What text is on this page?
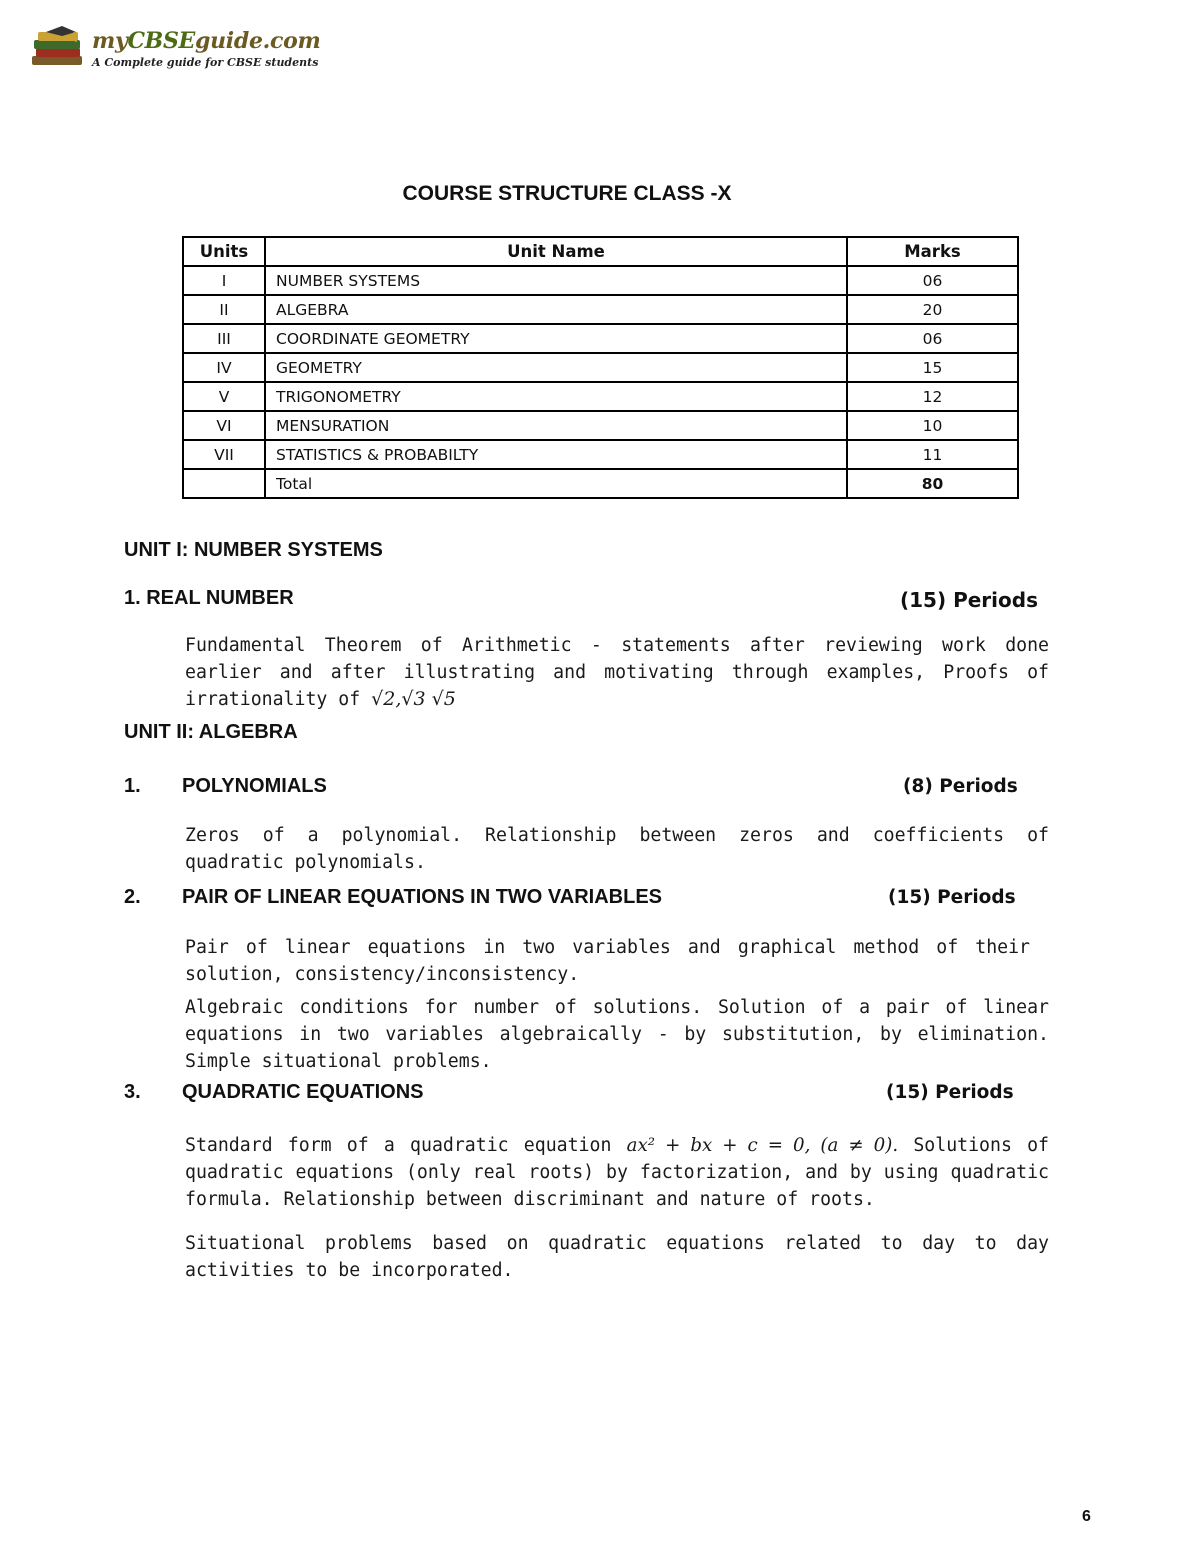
myCBSEguide.com
A Complete guide for CBSE students
COURSE STRUCTURE CLASS -X
Units	Unit Name	Marks
I	NUMBER SYSTEMS	06
II	ALGEBRA	20
III	COORDINATE GEOMETRY	06
IV	GEOMETRY	15
V	TRIGONOMETRY	12
VI	MENSURATION	10
VII	STATISTICS & PROBABILTY	11
	Total	80
UNIT I: NUMBER SYSTEMS
1. REAL NUMBER	(15) Periods
Fundamental Theorem of Arithmetic - statements after reviewing work done earlier and after illustrating and motivating through examples, Proofs of irrationality of √2,√3 √5
UNIT II: ALGEBRA
1. POLYNOMIALS	(8) Periods
Zeros of a polynomial. Relationship between zeros and coefficients of quadratic polynomials.
2. PAIR OF LINEAR EQUATIONS IN TWO VARIABLES	(15) Periods
Pair of linear equations in two variables and graphical method of their solution, consistency/inconsistency.
Algebraic conditions for number of solutions. Solution of a pair of linear equations in two variables algebraically - by substitution, by elimination. Simple situational problems.
3. QUADRATIC EQUATIONS	(15) Periods
Standard form of a quadratic equation ax² + bx + c = 0, (a ≠ 0). Solutions of quadratic equations (only real roots) by factorization, and by using quadratic formula. Relationship between discriminant and nature of roots.
Situational problems based on quadratic equations related to day to day activities to be incorporated.
6
